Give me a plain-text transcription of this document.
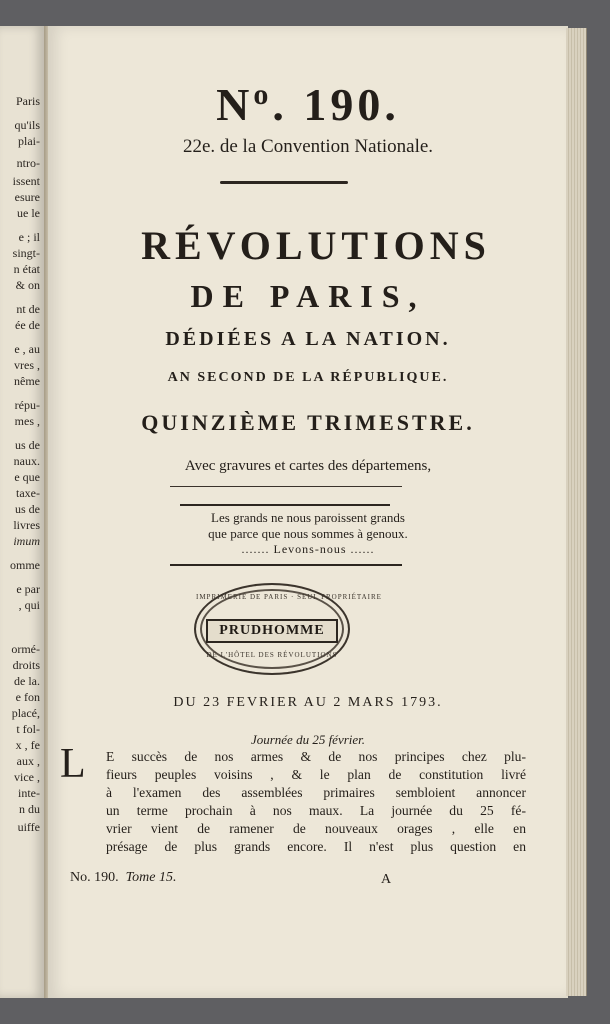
Paris
qu'ils
plai-
ntro-
issent
esure
ue le
e ; il
singt-
n état
& on
nt de
ée de
e , au
vres ,
nême
répu-
mes ,
us de
naux.
e que
taxe-
us de
livres
imum
omme
e par
, qui
ormé-
droits
de la.
e fon
placé,
t fol-
x , fe
aux ,
vice ,
inte-
n du
uiffe
$N^o$. 190.
22e. de la Convention Nationale.
RÉVOLUTIONS
DE PARIS,
DÉDIÉES A LA NATION.
AN SECOND DE LA RÉPUBLIQUE.
QUINZIÈME TRIMESTRE.
Avec gravures et cartes des départemens,
Les grands ne nous paroissent grands
que parce que nous sommes à genoux.
....... Levons-nous ......
IMPRIMERIE DE PARIS · SEUL PROPRIÉTAIRE
PRUDHOMME
DE L'HÔTEL DES RÉVOLUTIONS
DU 23 FEVRIER AU 2 MARS 1793.
Journée du 25 février.
L E succès de nos armes & de nos principes chez plu-
fieurs peuples voisins , & le plan de constitution livré
à l'examen des assemblées primaires sembloient annoncer
un terme prochain à nos maux. La journée du 25 fé-
vrier vient de ramener de nouveaux orages , elle en
présage de plus grands encore. Il n'est plus question en
No. 190. Tome 15.	A
